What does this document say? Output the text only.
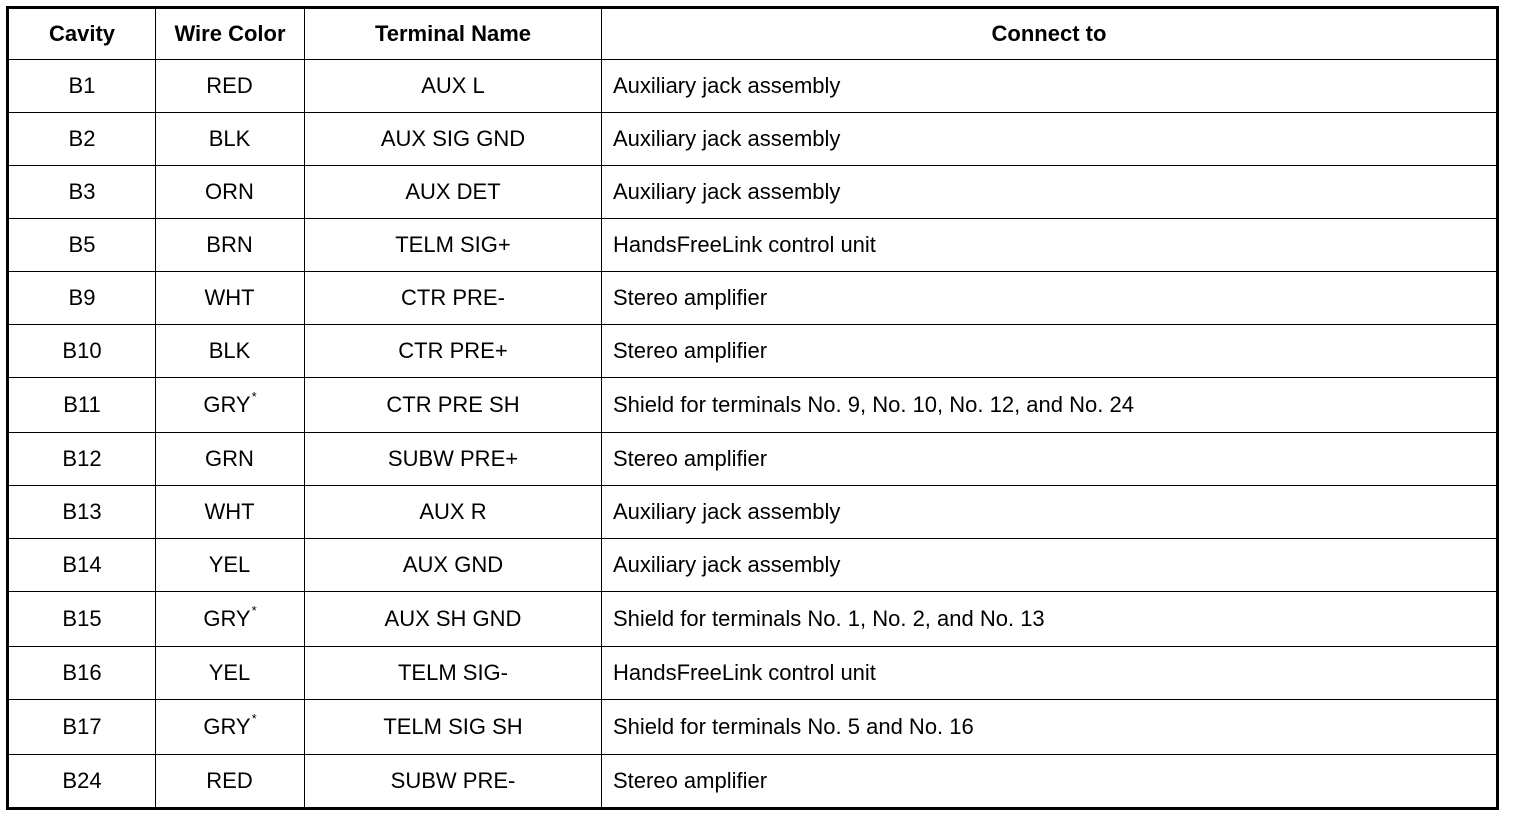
Cavity	Wire Color	Terminal Name	Connect to
B1	RED	AUX L	Auxiliary jack assembly
B2	BLK	AUX SIG GND	Auxiliary jack assembly
B3	ORN	AUX DET	Auxiliary jack assembly
B5	BRN	TELM SIG+	HandsFreeLink control unit
B9	WHT	CTR PRE-	Stereo amplifier
B10	BLK	CTR PRE+	Stereo amplifier
B11	GRY*	CTR PRE SH	Shield for terminals No. 9, No. 10, No. 12, and No. 24
B12	GRN	SUBW PRE+	Stereo amplifier
B13	WHT	AUX R	Auxiliary jack assembly
B14	YEL	AUX GND	Auxiliary jack assembly
B15	GRY*	AUX SH GND	Shield for terminals No. 1, No. 2, and No. 13
B16	YEL	TELM SIG-	HandsFreeLink control unit
B17	GRY*	TELM SIG SH	Shield for terminals No. 5 and No. 16
B24	RED	SUBW PRE-	Stereo amplifier
